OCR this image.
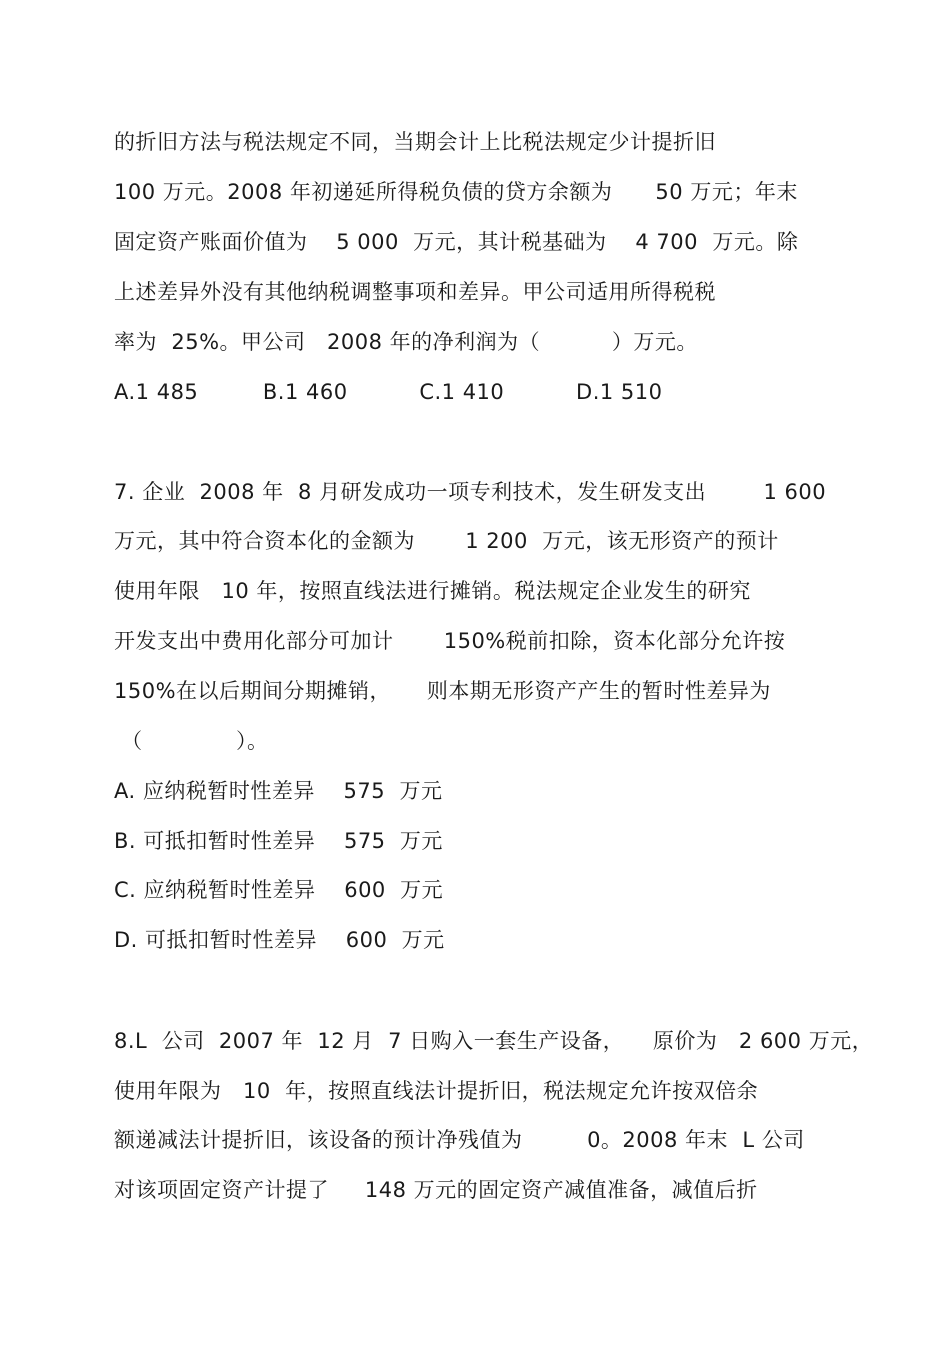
的折旧方法与税法规定不同，当期会计上比税法规定少计提折旧
100 万元。2008 年初递延所得税负债的贷方余额为      50 万元；年末
固定资产账面价值为    5 000  万元，其计税基础为    4 700  万元。除
上述差异外没有其他纳税调整事项和差异。甲公司适用所得税税
率为  25%。甲公司   2008 年的净利润为（          ）万元。
A.1 485         B.1 460          C.1 410          D.1 510
7. 企业  2008 年  8 月研发成功一项专利技术，发生研发支出        1 600
万元，其中符合资本化的金额为       1 200  万元，该无形资产的预计
使用年限   10 年，按照直线法进行摊销。税法规定企业发生的研究
开发支出中费用化部分可加计       150%税前扣除，资本化部分允许按
150%在以后期间分期摊销，     则本期无形资产产生的暂时性差异为
（             ）。
A. 应纳税暂时性差异    575  万元
B. 可抵扣暂时性差异    575  万元
C. 应纳税暂时性差异    600  万元
D. 可抵扣暂时性差异    600  万元
8.L  公司  2007 年  12 月  7 日购入一套生产设备，    原价为   2 600 万元，
使用年限为   10  年，按照直线法计提折旧，税法规定允许按双倍余
额递减法计提折旧，该设备的预计净残值为         0。2008 年末  L 公司
对该项固定资产计提了     148 万元的固定资产减值准备，减值后折
